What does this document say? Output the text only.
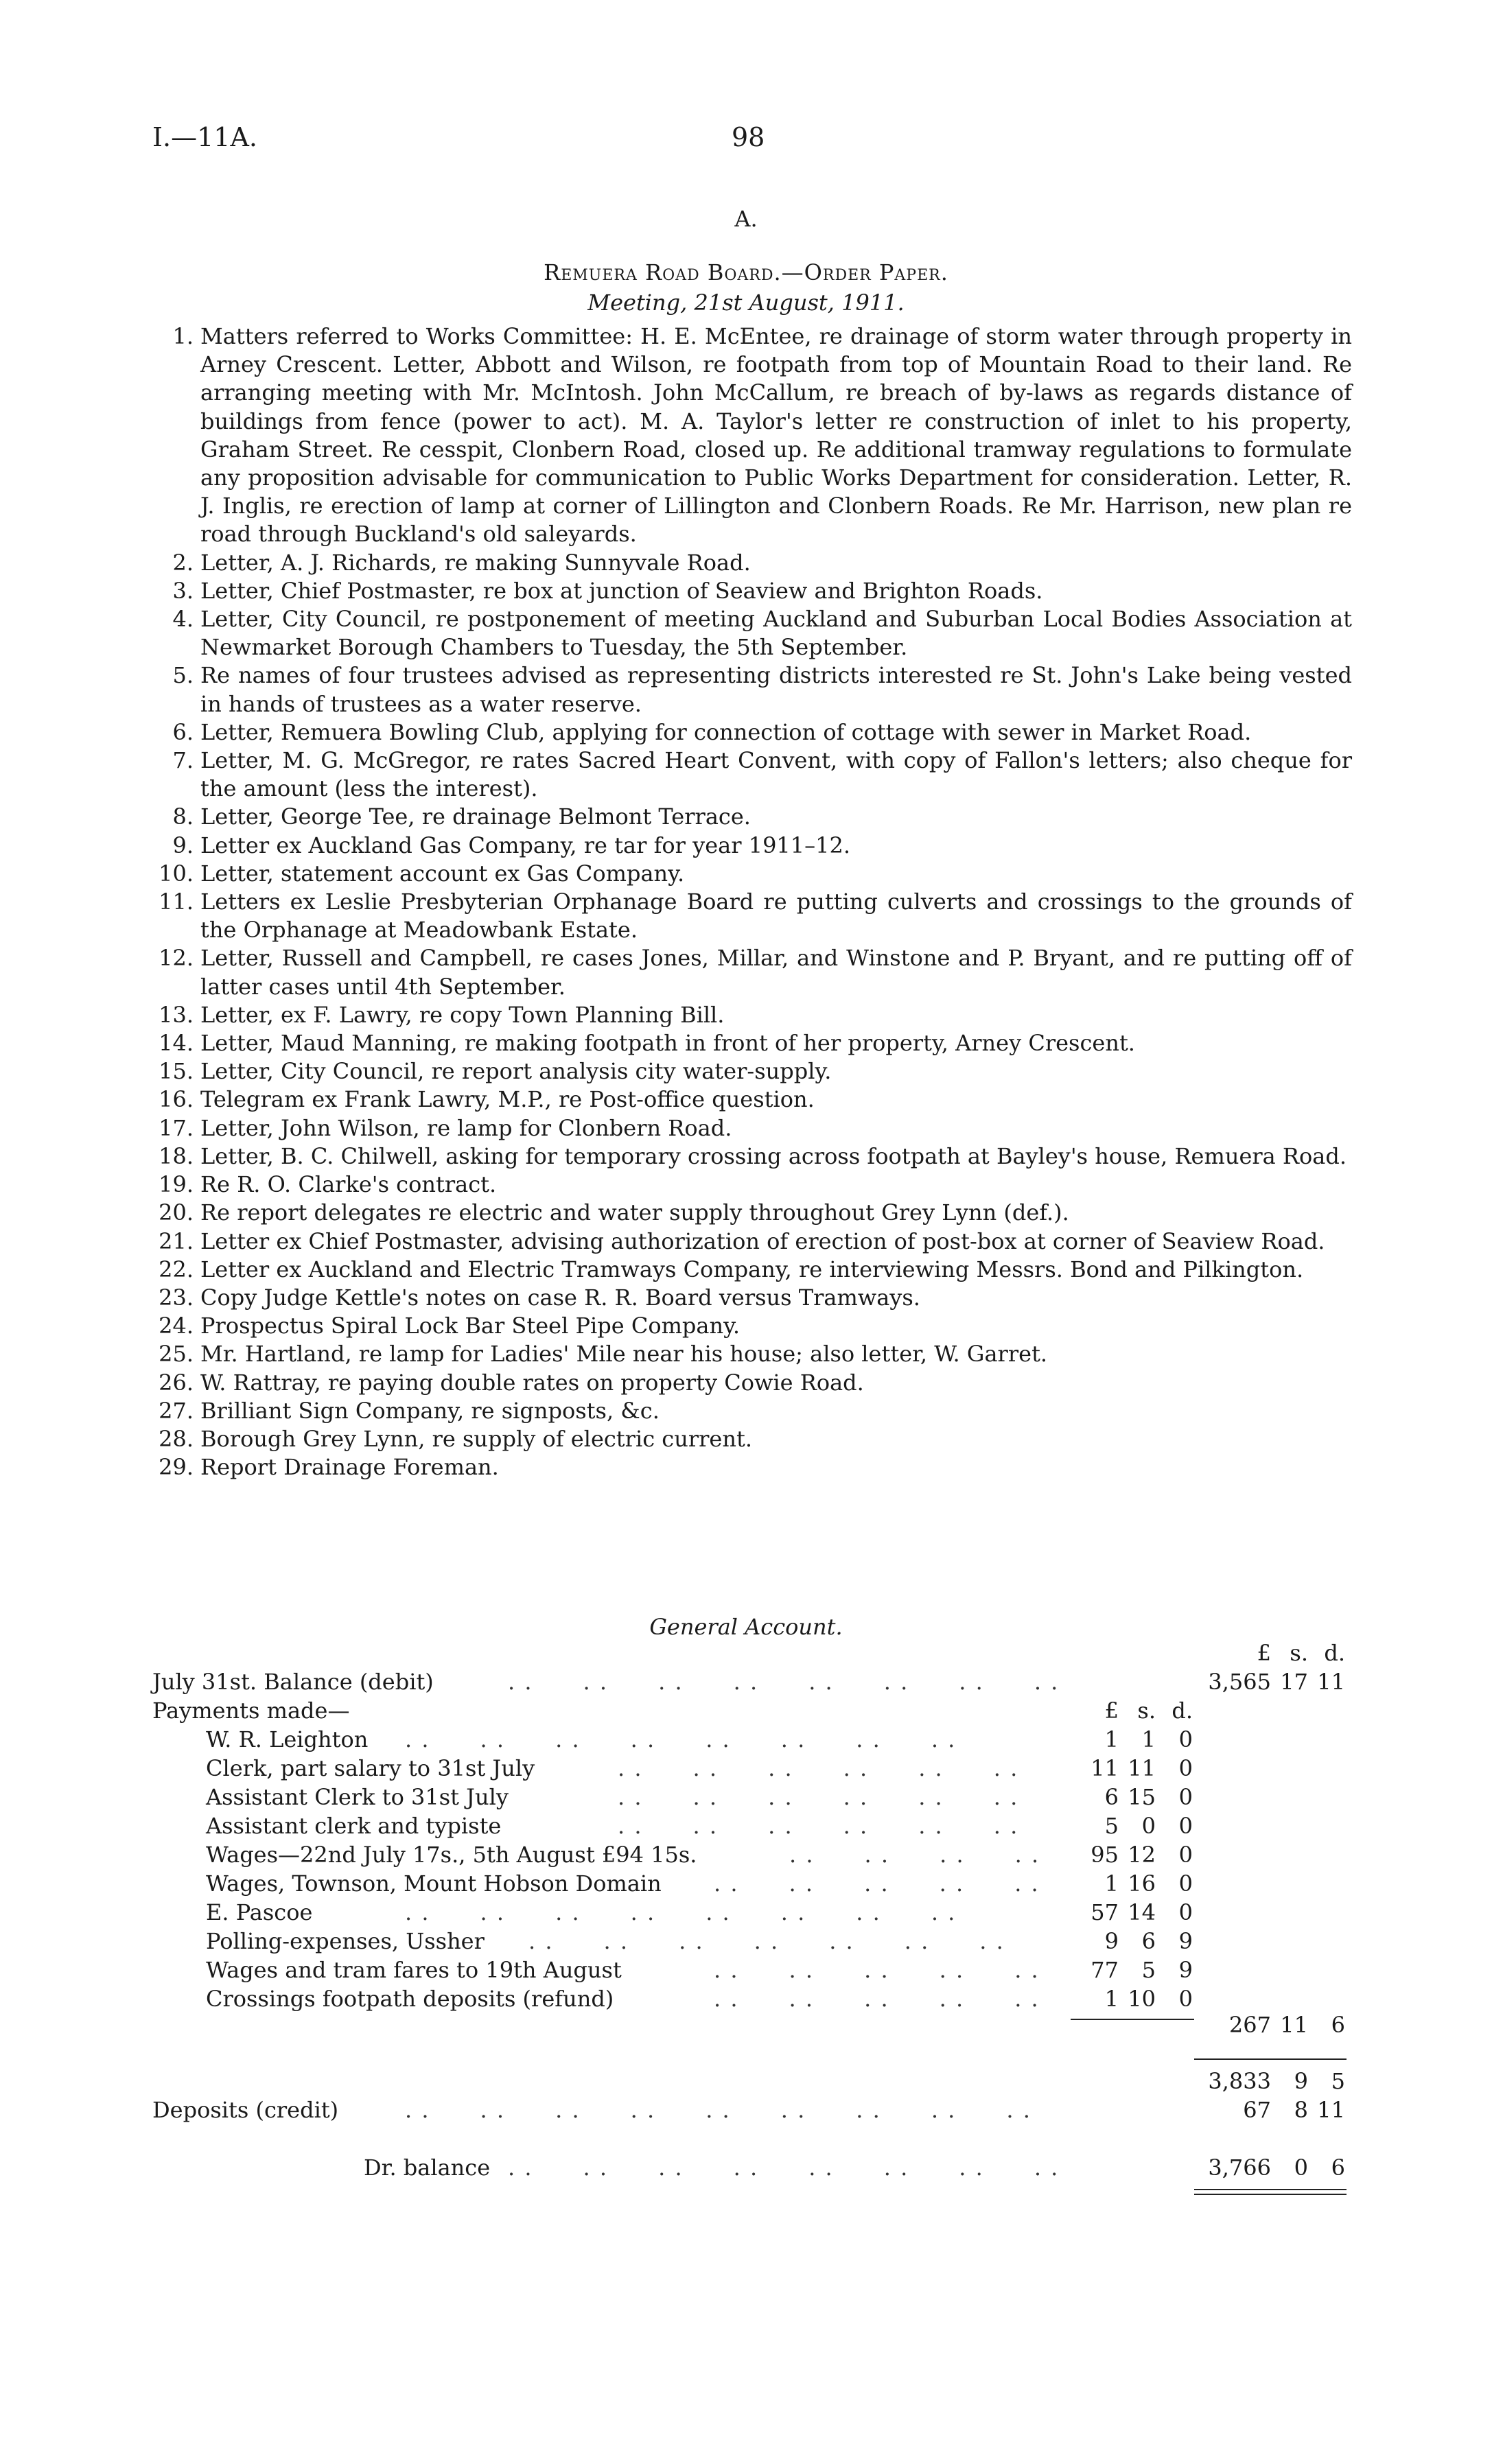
I.—11A.	98
A.
Remuera Road Board.—Order Paper.
Meeting, 21st August, 1911.
1. Matters referred to Works Committee: H. E. McEntee, re drainage of storm water through property in Arney Crescent. Letter, Abbott and Wilson, re footpath from top of Mountain Road to their land. Re arranging meeting with Mr. McIntosh. John McCallum, re breach of by-laws as regards distance of buildings from fence (power to act). M. A. Taylor's letter re construction of inlet to his property, Graham Street. Re cesspit, Clonbern Road, closed up. Re additional tramway regulations to formulate any proposition advisable for communication to Public Works Department for consideration. Letter, R. J. Inglis, re erection of lamp at corner of Lillington and Clonbern Roads. Re Mr. Harrison, new plan re road through Buckland's old saleyards.
2. Letter, A. J. Richards, re making Sunnyvale Road.
3. Letter, Chief Postmaster, re box at junction of Seaview and Brighton Roads.
4. Letter, City Council, re postponement of meeting Auckland and Suburban Local Bodies Association at Newmarket Borough Chambers to Tuesday, the 5th September.
5. Re names of four trustees advised as representing districts interested re St. John's Lake being vested in hands of trustees as a water reserve.
6. Letter, Remuera Bowling Club, applying for connection of cottage with sewer in Market Road.
7. Letter, M. G. McGregor, re rates Sacred Heart Convent, with copy of Fallon's letters; also cheque for the amount (less the interest).
8. Letter, George Tee, re drainage Belmont Terrace.
9. Letter ex Auckland Gas Company, re tar for year 1911–12.
10. Letter, statement account ex Gas Company.
11. Letters ex Leslie Presbyterian Orphanage Board re putting culverts and crossings to the grounds of the Orphanage at Meadowbank Estate.
12. Letter, Russell and Campbell, re cases Jones, Millar, and Winstone and P. Bryant, and re putting off of latter cases until 4th September.
13. Letter, ex F. Lawry, re copy Town Planning Bill.
14. Letter, Maud Manning, re making footpath in front of her property, Arney Crescent.
15. Letter, City Council, re report analysis city water-supply.
16. Telegram ex Frank Lawry, M.P., re Post-office question.
17. Letter, John Wilson, re lamp for Clonbern Road.
18. Letter, B. C. Chilwell, asking for temporary crossing across footpath at Bayley's house, Remuera Road.
19. Re R. O. Clarke's contract.
20. Re report delegates re electric and water supply throughout Grey Lynn (def.).
21. Letter ex Chief Postmaster, advising authorization of erection of post-box at corner of Seaview Road.
22. Letter ex Auckland and Electric Tramways Company, re interviewing Messrs. Bond and Pilkington.
23. Copy Judge Kettle's notes on case R. R. Board versus Tramways.
24. Prospectus Spiral Lock Bar Steel Pipe Company.
25. Mr. Hartland, re lamp for Ladies' Mile near his house; also letter, W. Garret.
26. W. Rattray, re paying double rates on property Cowie Road.
27. Brilliant Sign Company, re signposts, &c.
28. Borough Grey Lynn, re supply of electric current.
29. Report Drainage Foreman.
General Account.
£ s. d.
July 31st. Balance (debit)	. .      . .      . .      . .      . .      . .      . .      . .	3,565 17 11
Payments made—	£ s. d.
W. R. Leighton . .      . .      . .      . .      . .      . .      . .      . .	1	1	0
Clerk, part salary to 31st July	. .      . .      . .      . .      . .      . .	11 11	0
Assistant Clerk to 31st July	. .      . .      . .      . .      . .      . .	6 15	0
Assistant clerk and typiste	. .      . .      . .      . .      . .      . .	5	0	0
Wages—22nd July 17s., 5th August £94 15s.	. .      . .      . .      . .	95 12	0
Wages, Townson, Mount Hobson Domain . .      . .      . .      . .      . .	1 16	0
E. Pascoe	. .      . .      . .      . .      . .      . .      . .      . .	57 14	0
Polling-expenses, Ussher . .      . .      . .      . .      . .      . .      . .	9	6	9
Wages and tram fares to 19th August	. .      . .      . .      . .      . .	77	5	9
Crossings footpath deposits (refund)	. .      . .      . .      . .      . .	1 10	0
267 11	6
3,833	9	5
Deposits (credit)	. .      . .      . .      . .      . .      . .      . .      . .      . .	67	8 11
Dr. balance . .      . .      . .      . .      . .      . .      . .      . .	3,766	0	6
